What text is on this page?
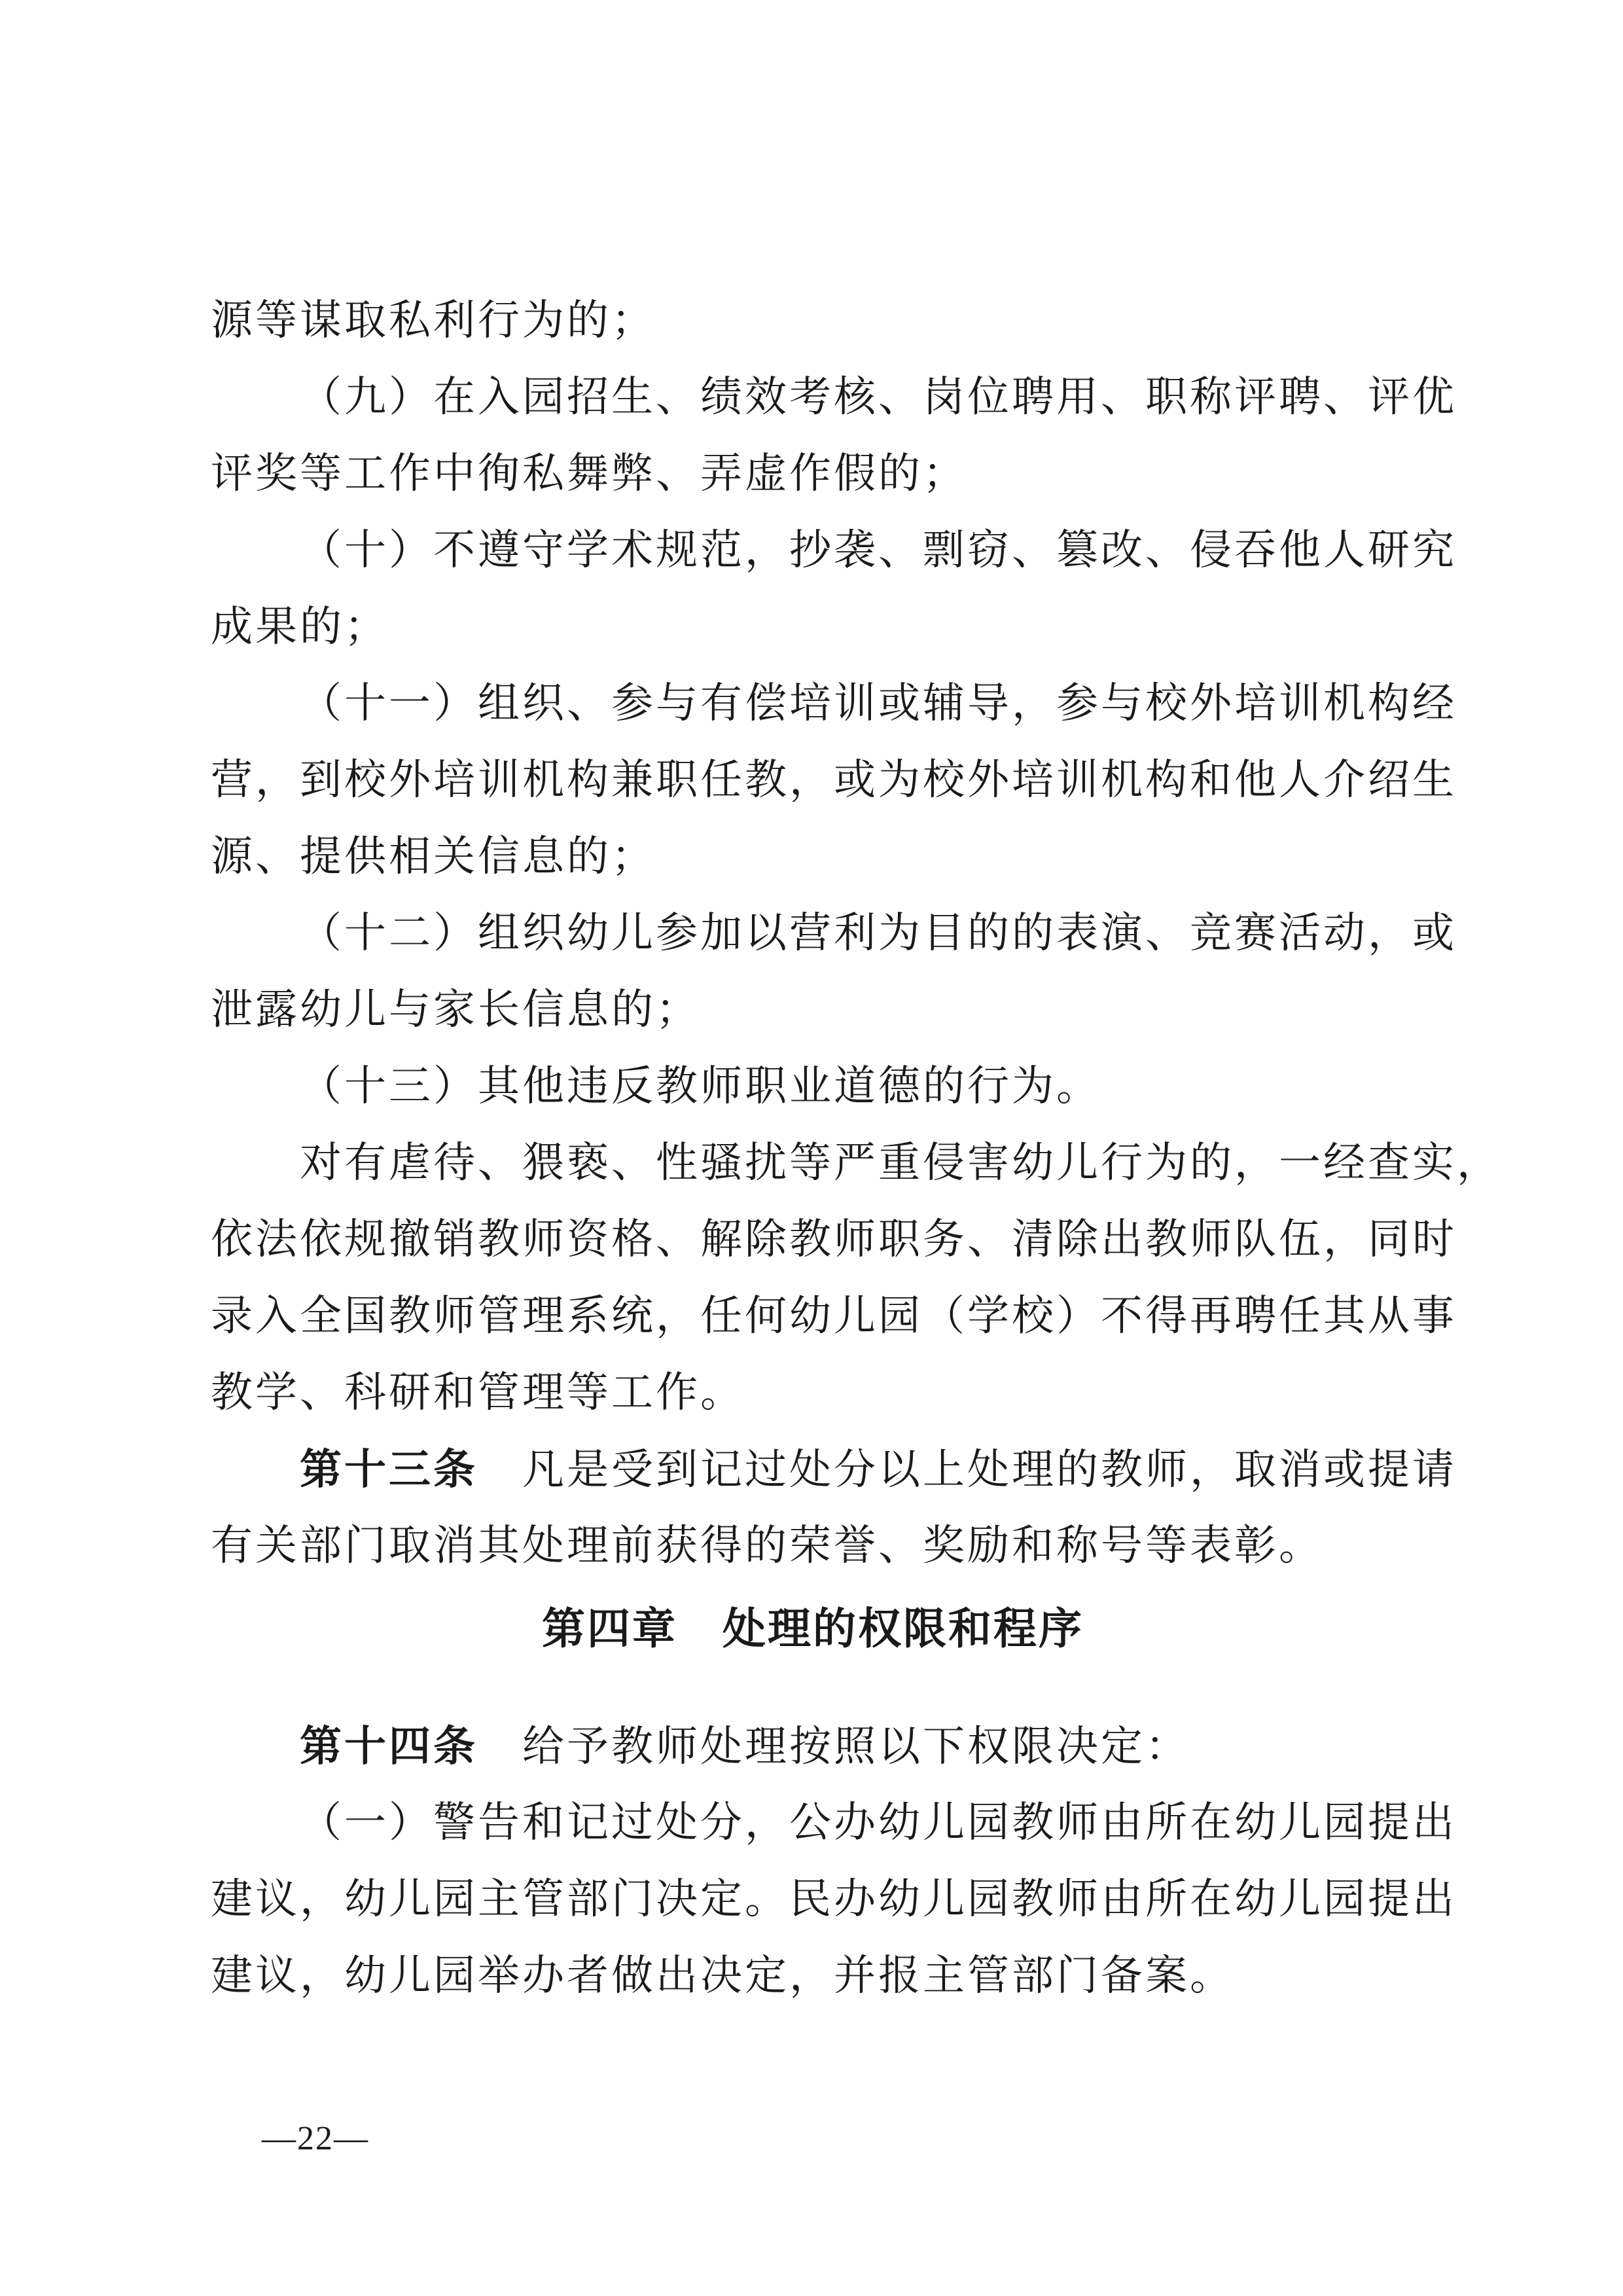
源等谋取私利行为的；
（九）在入园招生、绩效考核、岗位聘用、职称评聘、评优
评奖等工作中徇私舞弊、弄虚作假的；
（十）不遵守学术规范，抄袭、剽窃、篡改、侵吞他人研究
成果的；
（十一）组织、参与有偿培训或辅导，参与校外培训机构经
营，到校外培训机构兼职任教，或为校外培训机构和他人介绍生
源、提供相关信息的；
（十二）组织幼儿参加以营利为目的的表演、竞赛活动，或
泄露幼儿与家长信息的；
（十三）其他违反教师职业道德的行为。
对有虐待、猥亵、性骚扰等严重侵害幼儿行为的，一经查实，
依法依规撤销教师资格、解除教师职务、清除出教师队伍，同时
录入全国教师管理系统，任何幼儿园（学校）不得再聘任其从事
教学、科研和管理等工作。
第十三条 凡是受到记过处分以上处理的教师，取消或提请
有关部门取消其处理前获得的荣誉、奖励和称号等表彰。
第四章　处理的权限和程序
第十四条 给予教师处理按照以下权限决定：
（一）警告和记过处分，公办幼儿园教师由所在幼儿园提出
建议，幼儿园主管部门决定。民办幼儿园教师由所在幼儿园提出
建议，幼儿园举办者做出决定，并报主管部门备案。
—22—
